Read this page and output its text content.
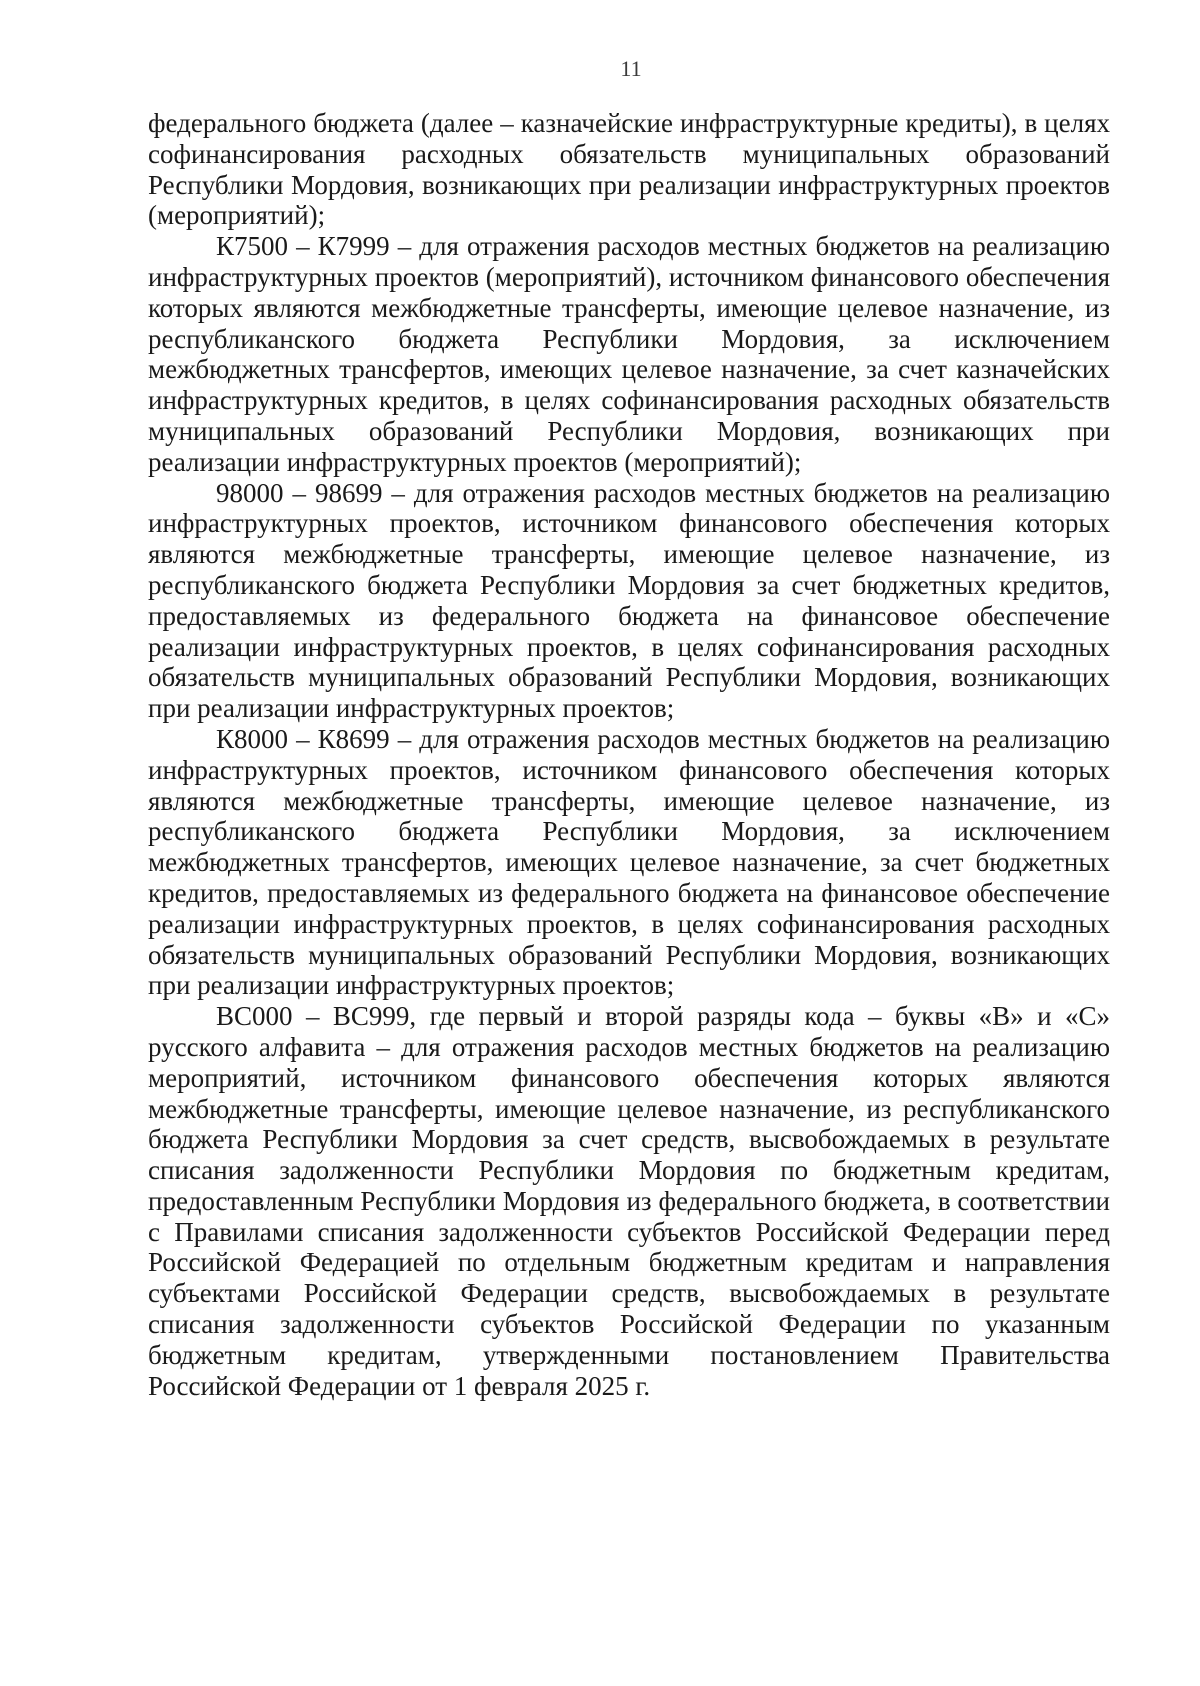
11

федерального бюджета (далее – казначейские инфраструктурные кредиты), в целях софинансирования расходных обязательств муниципальных образований Республики Мордовия, возникающих при реализации инфраструктурных проектов (мероприятий);

К7500 – К7999 – для отражения расходов местных бюджетов на реализацию инфраструктурных проектов (мероприятий), источником финансового обеспечения которых являются межбюджетные трансферты, имеющие целевое назначение, из республиканского бюджета Республики Мордовия, за исключением межбюджетных трансфертов, имеющих целевое назначение, за счет казначейских инфраструктурных кредитов, в целях софинансирования расходных обязательств муниципальных образований Республики Мордовия, возникающих при реализации инфраструктурных проектов (мероприятий);

98000 – 98699 – для отражения расходов местных бюджетов на реализацию инфраструктурных проектов, источником финансового обеспечения которых являются межбюджетные трансферты, имеющие целевое назначение, из республиканского бюджета Республики Мордовия за счет бюджетных кредитов, предоставляемых из федерального бюджета на финансовое обеспечение реализации инфраструктурных проектов, в целях софинансирования расходных обязательств муниципальных образований Республики Мордовия, возникающих при реализации инфраструктурных проектов;

К8000 – К8699 – для отражения расходов местных бюджетов на реализацию инфраструктурных проектов, источником финансового обеспечения которых являются межбюджетные трансферты, имеющие целевое назначение, из республиканского бюджета Республики Мордовия, за исключением межбюджетных трансфертов, имеющих целевое назначение, за счет бюджетных кредитов, предоставляемых из федерального бюджета на финансовое обеспечение реализации инфраструктурных проектов, в целях софинансирования расходных обязательств муниципальных образований Республики Мордовия, возникающих при реализации инфраструктурных проектов;

ВС000 – ВС999, где первый и второй разряды кода – буквы «В» и «С» русского алфавита – для отражения расходов местных бюджетов на реализацию мероприятий, источником финансового обеспечения которых являются межбюджетные трансферты, имеющие целевое назначение, из республиканского бюджета Республики Мордовия за счет средств, высвобождаемых в результате списания задолженности Республики Мордовия по бюджетным кредитам, предоставленным Республики Мордовия из федерального бюджета, в соответствии с Правилами списания задолженности субъектов Российской Федерации перед Российской Федерацией по отдельным бюджетным кредитам и направления субъектами Российской Федерации средств, высвобождаемых в результате списания задолженности субъектов Российской Федерации по указанным бюджетным кредитам, утвержденными постановлением Правительства Российской Федерации от 1 февраля 2025 г.
